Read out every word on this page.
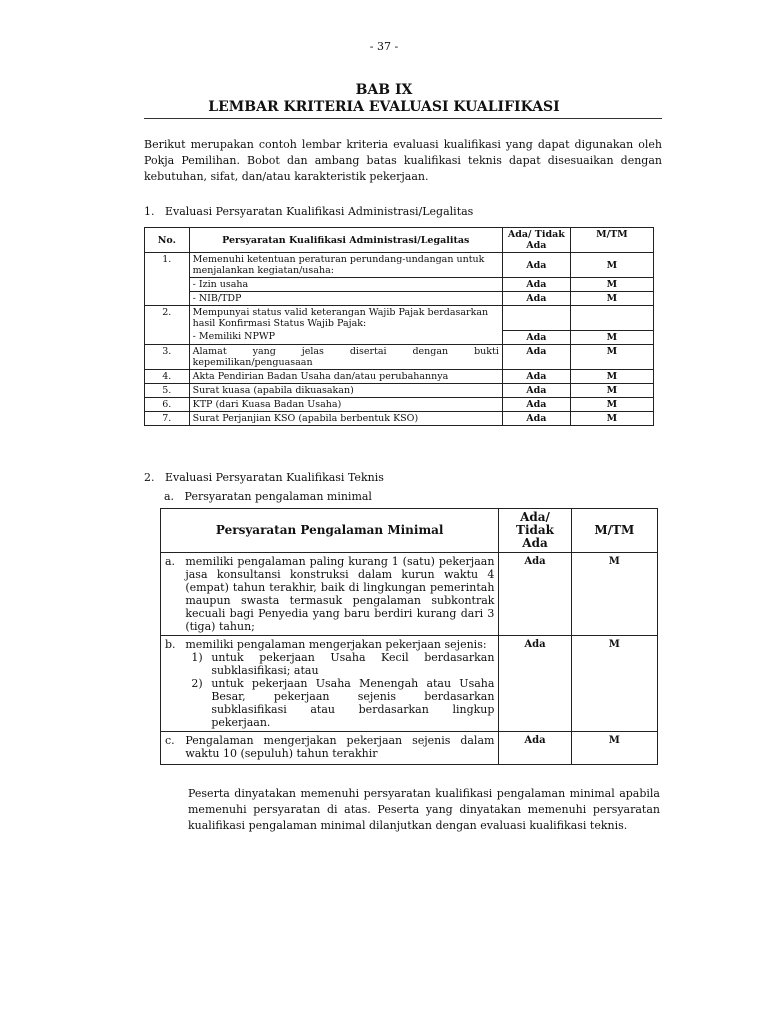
- 37 -
BAB IX
LEMBAR KRITERIA EVALUASI KUALIFIKASI
Berikut merupakan contoh lembar kriteria evaluasi kualifikasi yang dapat digunakan oleh Pokja Pemilihan. Bobot dan ambang batas kualifikasi teknis dapat disesuaikan dengan kebutuhan, sifat, dan/atau karakteristik pekerjaan.
1.   Evaluasi Persyaratan Kualifikasi Administrasi/Legalitas
No.	Persyaratan Kualifikasi Administrasi/Legalitas	Ada/ Tidak Ada	M/TM
1.	Memenuhi ketentuan peraturan perundang-undangan untuk menjalankan kegiatan/usaha:	Ada	M
	- Izin usaha	Ada	M
	- NIB/TDP	Ada	M
2.	Mempunyai status valid keterangan Wajib Pajak berdasarkan hasil Konfirmasi Status Wajib Pajak:		
	- Memiliki NPWP	Ada	M
3.	Alamat yang jelas disertai dengan bukti kepemilikan/penguasaan	Ada	M
4.	Akta Pendirian Badan Usaha dan/atau perubahannya	Ada	M
5.	Surat kuasa (apabila dikuasakan)	Ada	M
6.	KTP (dari Kuasa Badan Usaha)	Ada	M
7.	Surat Perjanjian KSO (apabila berbentuk KSO)	Ada	M
2.   Evaluasi Persyaratan Kualifikasi Teknis
a.   Persyaratan pengalaman minimal
Persyaratan Pengalaman Minimal		Ada/ Tidak Ada	M/TM
a.	memiliki pengalaman paling kurang 1 (satu) pekerjaan jasa konsultansi konstruksi dalam kurun waktu 4 (empat) tahun terakhir, baik di lingkungan pemerintah maupun swasta termasuk pengalaman subkontrak kecuali bagi Penyedia yang baru berdiri kurang dari 3 (tiga) tahun;	Ada	M
b.	memiliki pengalaman mengerjakan pekerjaan sejenis:
1) untuk pekerjaan Usaha Kecil berdasarkan subklasifikasi; atau
2) untuk pekerjaan Usaha Menengah atau Usaha Besar, pekerjaan sejenis berdasarkan subklasifikasi atau berdasarkan lingkup pekerjaan.	Ada	M
c.	Pengalaman mengerjakan pekerjaan sejenis dalam waktu 10 (sepuluh) tahun terakhir	Ada	M
Peserta dinyatakan memenuhi persyaratan kualifikasi pengalaman minimal apabila memenuhi persyaratan di atas. Peserta yang dinyatakan memenuhi persyaratan kualifikasi pengalaman minimal dilanjutkan dengan evaluasi kualifikasi teknis.
